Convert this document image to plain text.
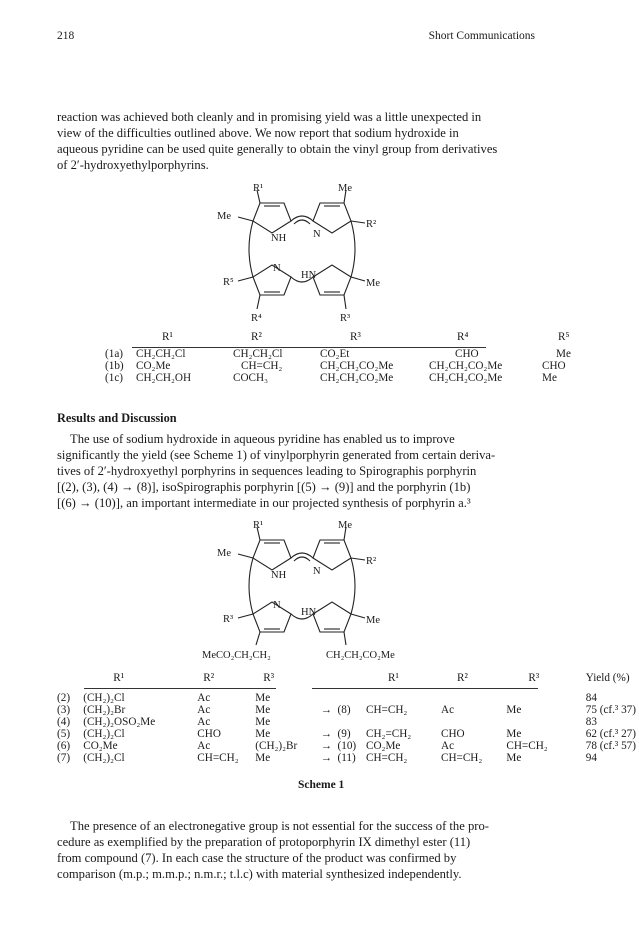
218	Short Communications

reaction was achieved both cleanly and in promising yield was a little unexpected in

view of the difficulties outlined above. We now report that sodium hydroxide in

aqueous pyridine can be used quite generally to obtain the vinyl group from derivatives

of 2′-hydroxyethylporphyrins.

R¹	Me
Me
R²
NH	N
N
HN
R⁵	Me
R⁴	R³
	R¹	R²	R³	R⁴	R⁵

(1a)	CH₂CH₂Cl	CH₂CH₂Cl	CO₂Et	CHO	Me
(1b)	CO₂Me	CH=CH₂	CH₂CH₂CO₂Me	CH₂CH₂CO₂Me	CHO
(1c)	CH₂CH₂OH	COCH₃	CH₂CH₂CO₂Me	CH₂CH₂CO₂Me	Me
Results and Discussion

The use of sodium hydroxide in aqueous pyridine has enabled us to improve

significantly the yield (see Scheme 1) of vinylporphyrin generated from certain deriva-

tives of 2′-hydroxyethyl porphyrins in sequences leading to Spirographis porphyrin

[(2), (3), (4) → (8)], isoSpirographis porphyrin [(5) → (9)] and the porphyrin (1b)

[(6) → (10)], an important intermediate in our projected synthesis of porphyrin a.³

R¹	Me
Me
R²
NH	N
N
HN
R³	Me
MeCO₂CH₂CH₂	CH₂CH₂CO₂Me
	R¹	R²	R³			R¹	R²	R³	Yield (%)

(2)	(CH₂)₂Cl	Ac	Me						84
(3)	(CH₂)₂Br	Ac	Me	→	(8)	CH=CH₂	Ac	Me	75 (cf.³ 37)
(4)	(CH₂)₂OSO₂Me	Ac	Me						83
(5)	(CH₂)₂Cl	CHO	Me	→	(9)	CH₂=CH₂	CHO	Me	62 (cf.³ 27)
(6)	CO₂Me	Ac	(CH₂)₂Br	→	(10)	CO₂Me	Ac	CH=CH₂	78 (cf.³ 57)
(7)	(CH₂)₂Cl	CH=CH₂	Me	→	(11)	CH=CH₂	CH=CH₂	Me	94
Scheme 1

The presence of an electronegative group is not essential for the success of the pro-

cedure as exemplified by the preparation of protoporphyrin IX dimethyl ester (11)

from compound (7). In each case the structure of the product was confirmed by

comparison (m.p.; m.m.p.; n.m.r.; t.l.c) with material synthesized independently.
